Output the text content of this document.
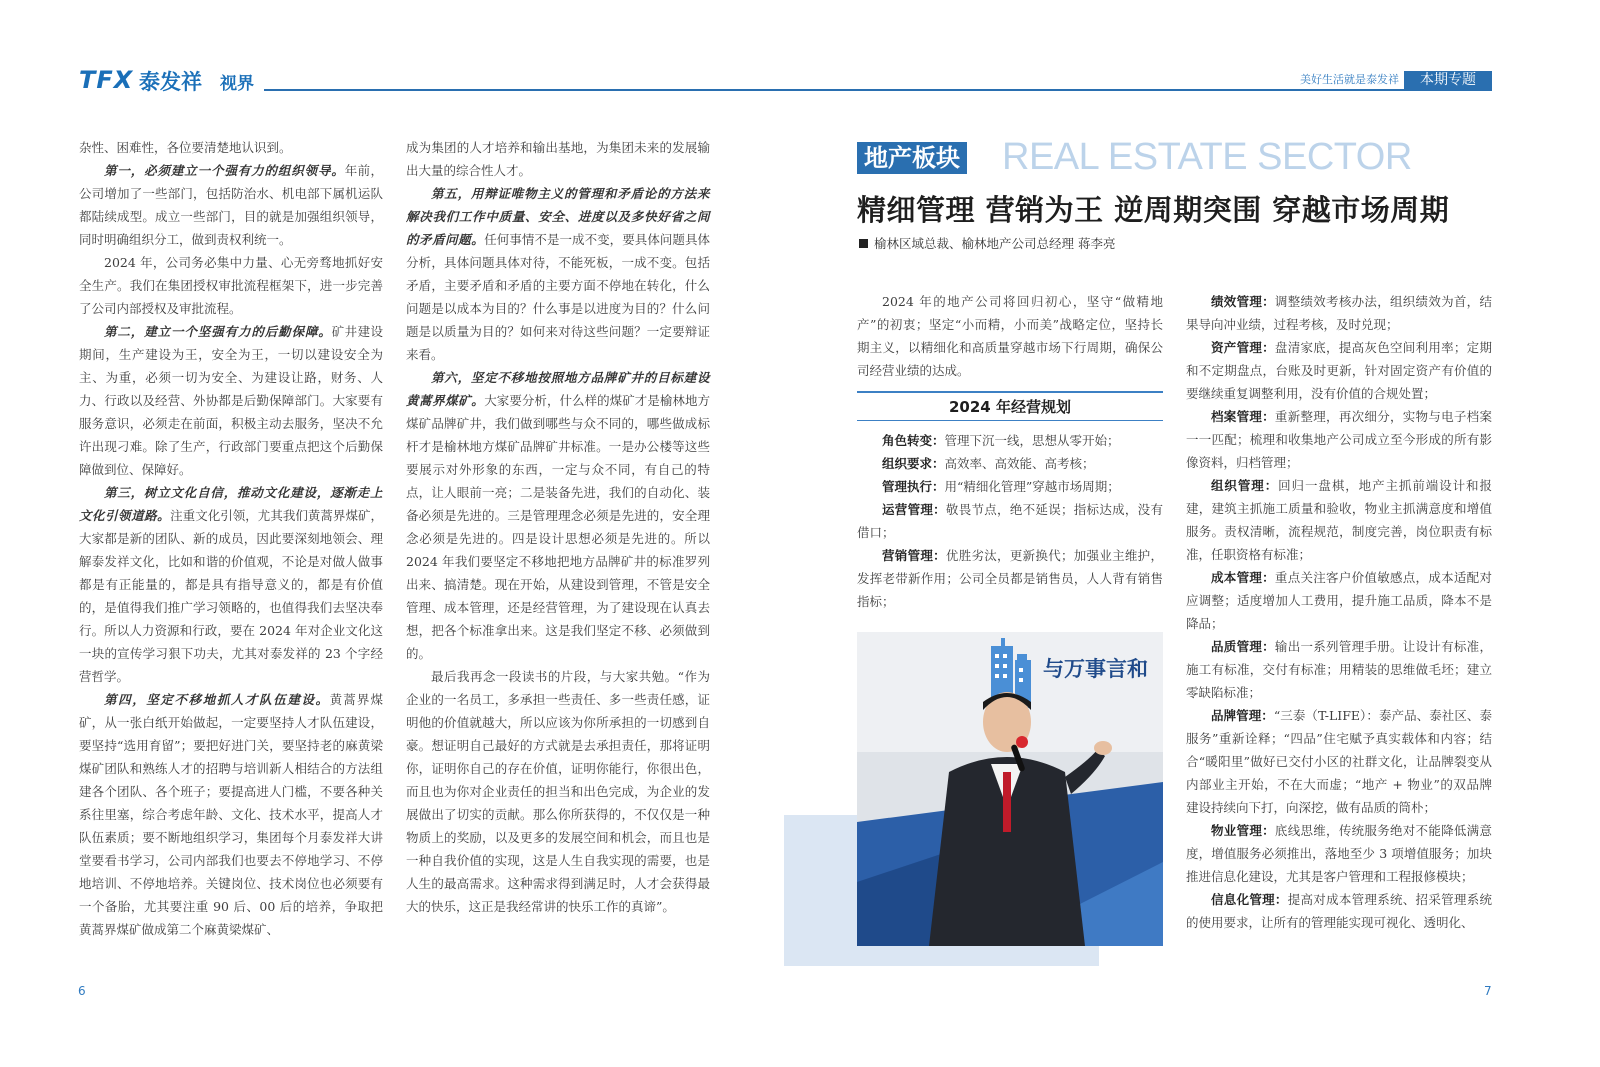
TFX 泰发祥 视界	美好生活就是泰发祥	本期专题

杂性、困难性，各位要清楚地认识到。

第一，必须建立一个强有力的组织领导。年前，公司增加了一些部门，包括防治水、机电部下属机运队都陆续成型。成立一些部门，目的就是加强组织领导，同时明确组织分工，做到责权利统一。

2024 年，公司务必集中力量、心无旁骛地抓好安全生产。我们在集团授权审批流程框架下，进一步完善了公司内部授权及审批流程。

第二，建立一个坚强有力的后勤保障。矿井建设期间，生产建设为王，安全为王，一切以建设安全为主、为重，必须一切为安全、为建设让路，财务、人力、行政以及经营、外协都是后勤保障部门。大家要有服务意识，必须走在前面，积极主动去服务，坚决不允许出现刁难。除了生产，行政部门要重点把这个后勤保障做到位、保障好。

第三，树立文化自信，推动文化建设，逐渐走上文化引领道路。注重文化引领，尤其我们黄蒿界煤矿，大家都是新的团队、新的成员，因此要深刻地领会、理解泰发祥文化，比如和谐的价值观，不论是对做人做事都是有正能量的，都是具有指导意义的，都是有价值的，是值得我们推广学习领略的，也值得我们去坚决奉行。所以人力资源和行政，要在 2024 年对企业文化这一块的宣传学习狠下功夫，尤其对泰发祥的 23 个字经营哲学。

第四，坚定不移地抓人才队伍建设。黄蒿界煤矿，从一张白纸开始做起，一定要坚持人才队伍建设，要坚持“选用育留”；要把好进门关，要坚持老的麻黄梁煤矿团队和熟练人才的招聘与培训新人相结合的方法组建各个团队、各个班子；要提高进人门槛，不要各种关系往里塞，综合考虑年龄、文化、技术水平，提高人才队伍素质；要不断地组织学习，集团每个月泰发祥大讲堂要看书学习，公司内部我们也要去不停地学习、不停地培训、不停地培养。关键岗位、技术岗位也必须要有一个备胎，尤其要注重 90 后、00 后的培养，争取把黄蒿界煤矿做成第二个麻黄梁煤矿、

成为集团的人才培养和输出基地，为集团未来的发展输出大量的综合性人才。

第五，用辩证唯物主义的管理和矛盾论的方法来解决我们工作中质量、安全、进度以及多快好省之间的矛盾问题。任何事情不是一成不变，要具体问题具体分析，具体问题具体对待，不能死板，一成不变。包括矛盾，主要矛盾和矛盾的主要方面不停地在转化，什么问题是以成本为目的？什么事是以进度为目的？什么问题是以质量为目的？如何来对待这些问题？一定要辩证来看。

第六，坚定不移地按照地方品牌矿井的目标建设黄蒿界煤矿。大家要分析，什么样的煤矿才是榆林地方煤矿品牌矿井，我们做到哪些与众不同的，哪些做成标杆才是榆林地方煤矿品牌矿井标准。一是办公楼等这些要展示对外形象的东西，一定与众不同，有自己的特点，让人眼前一亮；二是装备先进，我们的自动化、装备必须是先进的。三是管理理念必须是先进的，安全理念必须是先进的。四是设计思想必须是先进的。所以 2024 年我们要坚定不移地把地方品牌矿井的标准罗列出来、搞清楚。现在开始，从建设到管理，不管是安全管理、成本管理，还是经营管理，为了建设现在认真去想，把各个标准拿出来。这是我们坚定不移、必须做到的。

最后我再念一段读书的片段，与大家共勉。“作为企业的一名员工，多承担一些责任、多一些责任感，证明他的价值就越大，所以应该为你所承担的一切感到自豪。想证明自己最好的方式就是去承担责任，那将证明你，证明你自己的存在价值，证明你能行，你很出色，而且也为你对企业责任的担当和出色完成，为企业的发展做出了切实的贡献。那么你所获得的，不仅仅是一种物质上的奖励，以及更多的发展空间和机会，而且也是一种自我价值的实现，这是人生自我实现的需要，也是人生的最高需求。这种需求得到满足时，人才会获得最大的快乐，这正是我经常讲的快乐工作的真谛”。

地产板块 REAL ESTATE SECTOR
精细管理 营销为王 逆周期突围 穿越市场周期
榆林区域总裁、榆林地产公司总经理 蒋李亮

2024 年的地产公司将回归初心，坚守“做精地产”的初衷；坚定“小而精，小而美”战略定位，坚持长期主义，以精细化和高质量穿越市场下行周期，确保公司经营业绩的达成。

2024 年经营规划

角色转变：管理下沉一线，思想从零开始；

组织要求：高效率、高效能、高考核；

管理执行：用“精细化管理”穿越市场周期；

运营管理：敬畏节点，绝不延误；指标达成，没有借口；

营销管理：优胜劣汰，更新换代；加强业主维护，发挥老带新作用；公司全员都是销售员，人人背有销售指标；

与万事言和

绩效管理：调整绩效考核办法，组织绩效为首，结果导向冲业绩，过程考核，及时兑现；

资产管理：盘清家底，提高灰色空间利用率；定期和不定期盘点，台账及时更新，针对固定资产有价值的要继续重复调整利用，没有价值的合规处置；

档案管理：重新整理，再次细分，实物与电子档案一一匹配；梳理和收集地产公司成立至今形成的所有影像资料，归档管理；

组织管理：回归一盘棋，地产主抓前端设计和报建，建筑主抓施工质量和验收，物业主抓满意度和增值服务。责权清晰，流程规范，制度完善，岗位职责有标准，任职资格有标准；

成本管理：重点关注客户价值敏感点，成本适配对应调整；适度增加人工费用，提升施工品质，降本不是降品；

品质管理：输出一系列管理手册。让设计有标准，施工有标准，交付有标准；用精装的思维做毛坯；建立零缺陷标准；

品牌管理：“三泰（T-LIFE）：泰产品、泰社区、泰服务”重新诠释；“四品”住宅赋予真实载体和内容；结合“暖阳里”做好已交付小区的社群文化，让品牌裂变从内部业主开始，不在大而虚；“地产 + 物业”的双品牌建设持续向下打，向深挖，做有品质的筒朴；

物业管理：底线思维，传统服务绝对不能降低满意度，增值服务必须推出，落地至少 3 项增值服务；加块推进信息化建设，尤其是客户管理和工程报修模块；

信息化管理：提高对成本管理系统、招采管理系统的使用要求，让所有的管理能实现可视化、透明化、

6	7
